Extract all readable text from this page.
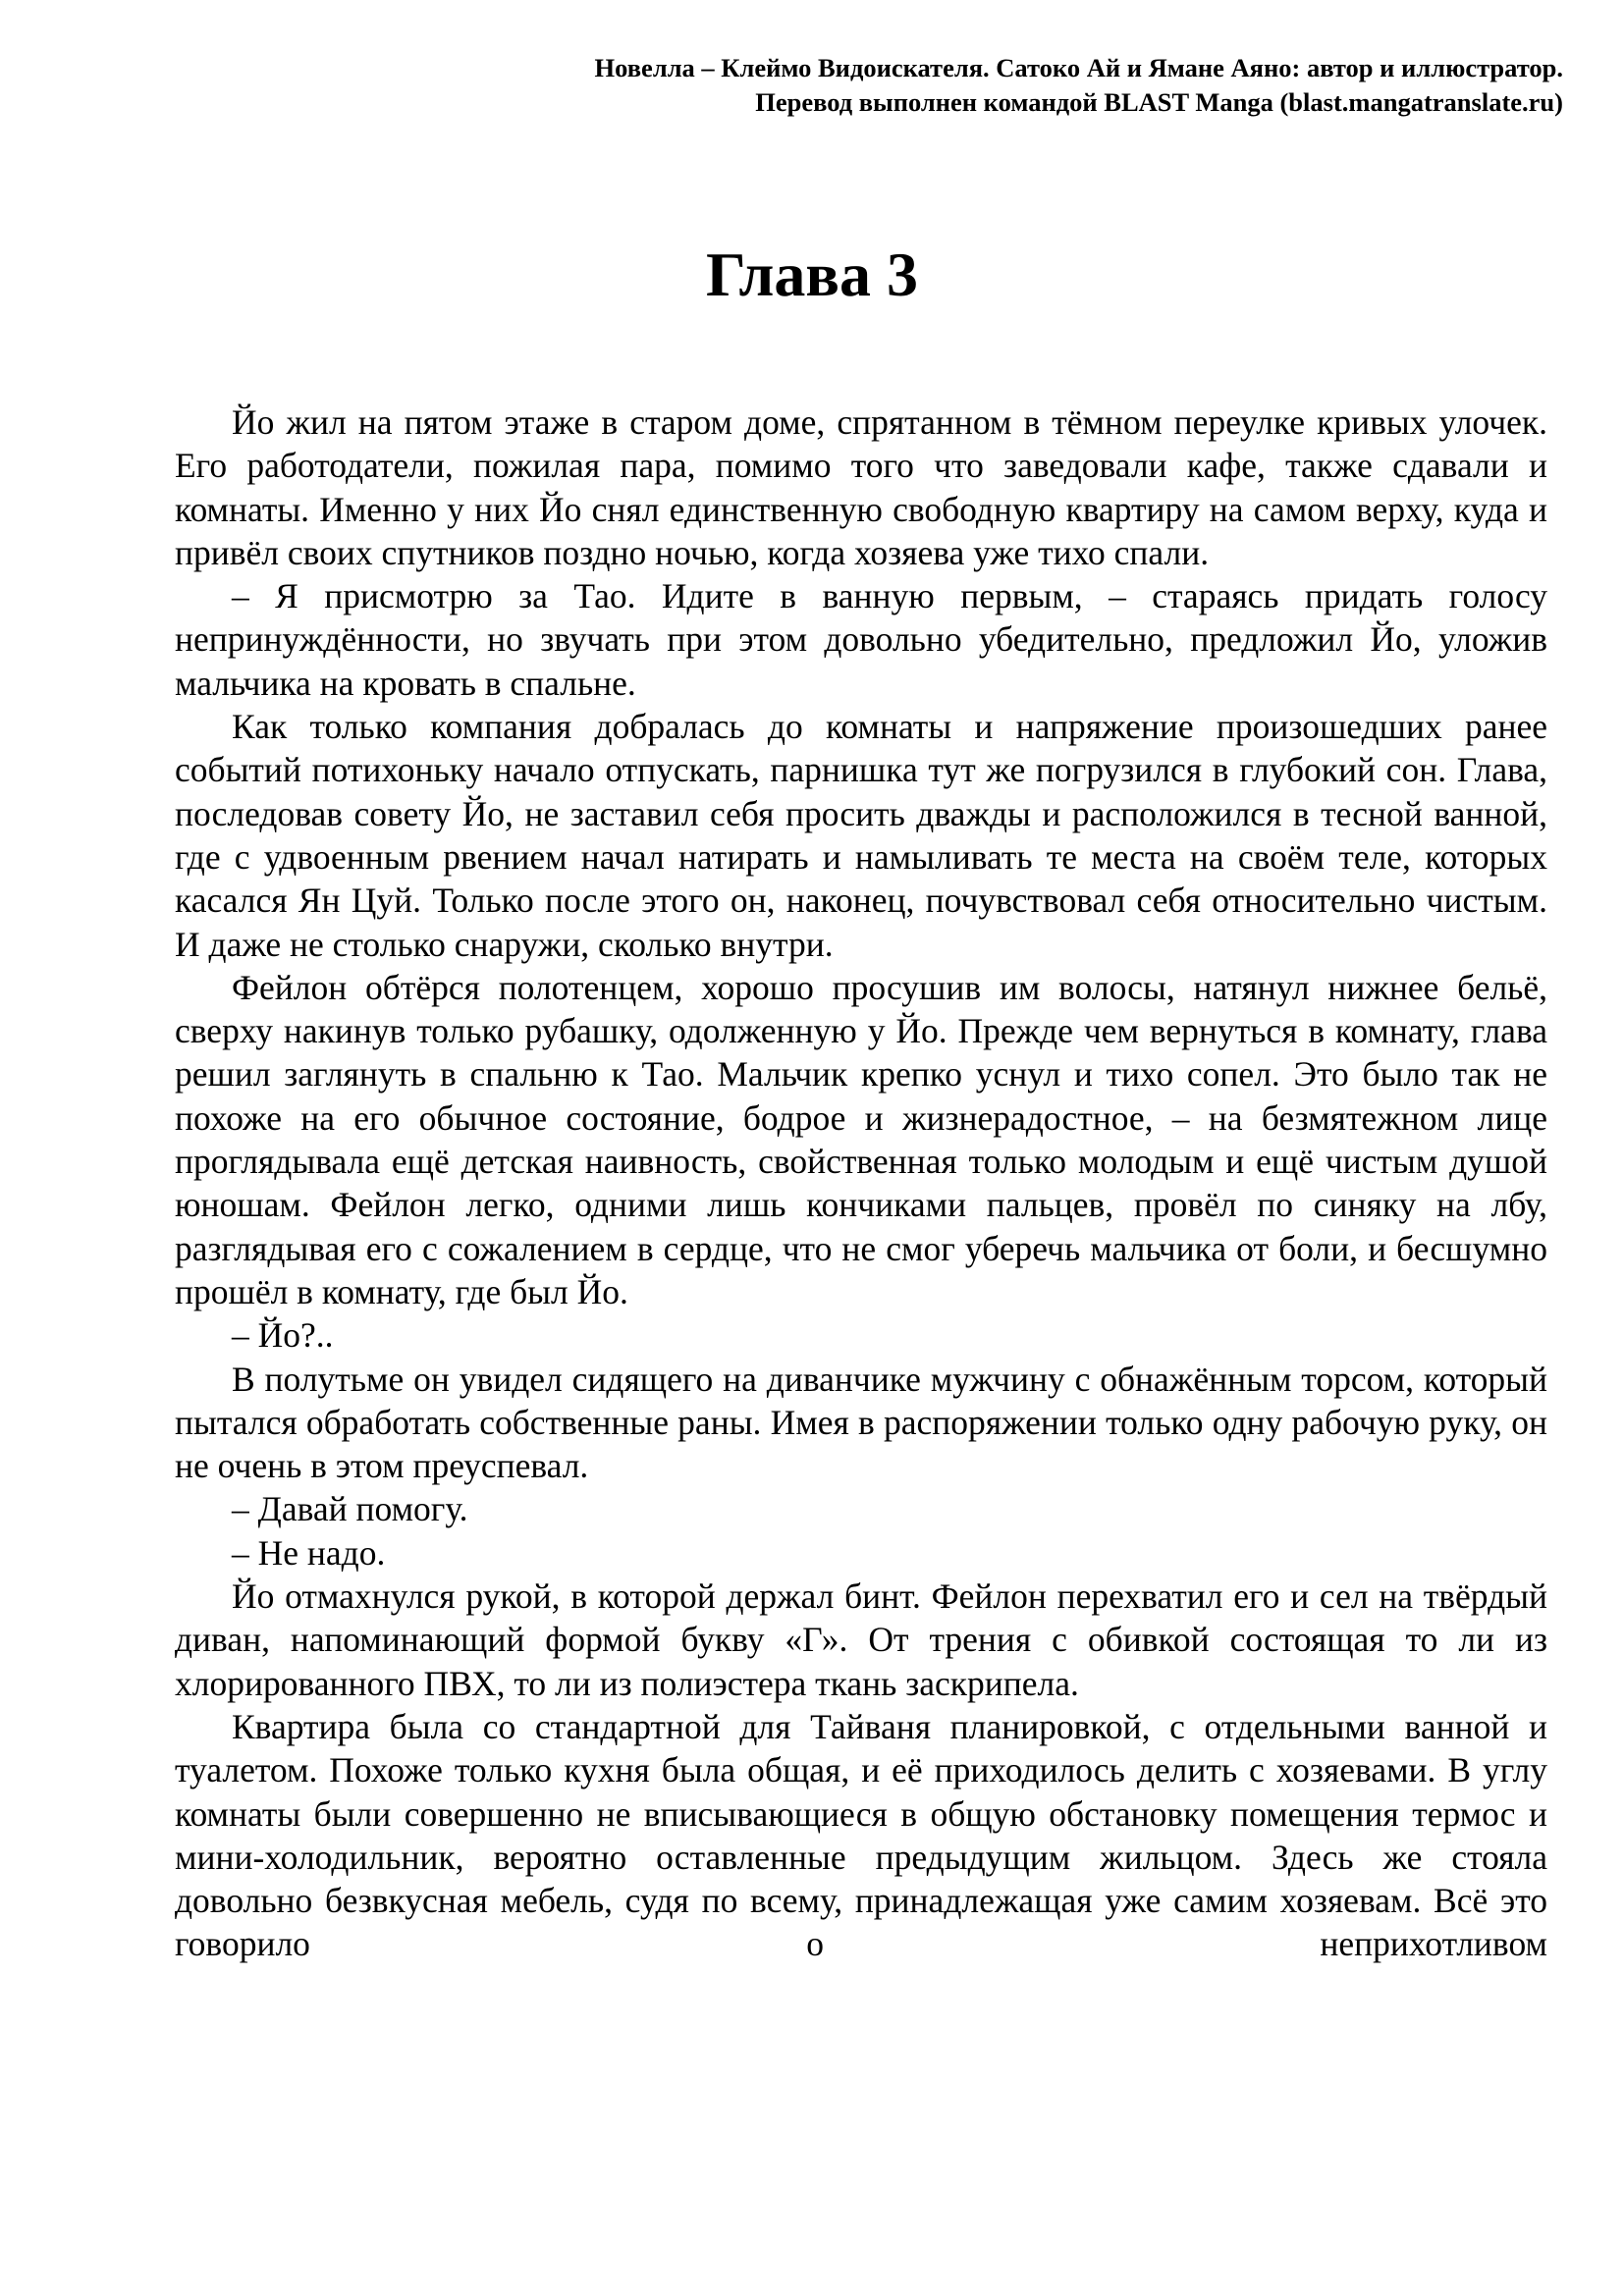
Новелла – Клеймо Видоискателя. Сатоко Ай и Ямане Аяно: автор и иллюстратор.
Перевод выполнен командой BLAST Manga (blast.mangatranslate.ru)
Глава 3

Йо жил на пятом этаже в старом доме, спрятанном в тёмном переулке кривых улочек. Его работодатели, пожилая пара, помимо того что заведовали кафе, также сдавали и комнаты. Именно у них Йо снял единственную свободную квартиру на самом верху, куда и привёл своих спутников поздно ночью, когда хозяева уже тихо спали.

– Я присмотрю за Тао. Идите в ванную первым, – стараясь придать голосу непринуждённости, но звучать при этом довольно убедительно, предложил Йо, уложив мальчика на кровать в спальне.

Как только компания добралась до комнаты и напряжение произошедших ранее событий потихоньку начало отпускать, парнишка тут же погрузился в глубокий сон. Глава, последовав совету Йо, не заставил себя просить дважды и расположился в тесной ванной, где с удвоенным рвением начал натирать и намыливать те места на своём теле, которых касался Ян Цуй. Только после этого он, наконец, почувствовал себя относительно чистым. И даже не столько снаружи, сколько внутри.

Фейлон обтёрся полотенцем, хорошо просушив им волосы, натянул нижнее бельё, сверху накинув только рубашку, одолженную у Йо. Прежде чем вернуться в комнату, глава решил заглянуть в спальню к Тао. Мальчик крепко уснул и тихо сопел. Это было так не похоже на его обычное состояние, бодрое и жизнерадостное, – на безмятежном лице проглядывала ещё детская наивность, свойственная только молодым и ещё чистым душой юношам. Фейлон легко, одними лишь кончиками пальцев, провёл по синяку на лбу, разглядывая его с сожалением в сердце, что не смог уберечь мальчика от боли, и бесшумно прошёл в комнату, где был Йо.

– Йо?..

В полутьме он увидел сидящего на диванчике мужчину с обнажённым торсом, который пытался обработать собственные раны. Имея в распоряжении только одну рабочую руку, он не очень в этом преуспевал.

– Давай помогу.

– Не надо.

Йо отмахнулся рукой, в которой держал бинт. Фейлон перехватил его и сел на твёрдый диван, напоминающий формой букву «Г». От трения с обивкой состоящая то ли из хлорированного ПВХ, то ли из полиэстера ткань заскрипела.

Квартира была со стандартной для Тайваня планировкой, с отдельными ванной и туалетом. Похоже только кухня была общая, и её приходилось делить с хозяевами. В углу комнаты были совершенно не вписывающиеся в общую обстановку помещения термос и мини-холодильник, вероятно оставленные предыдущим жильцом. Здесь же стояла довольно безвкусная мебель, судя по всему, принадлежащая уже самим хозяевам. Всё это говорило о неприхотливом
